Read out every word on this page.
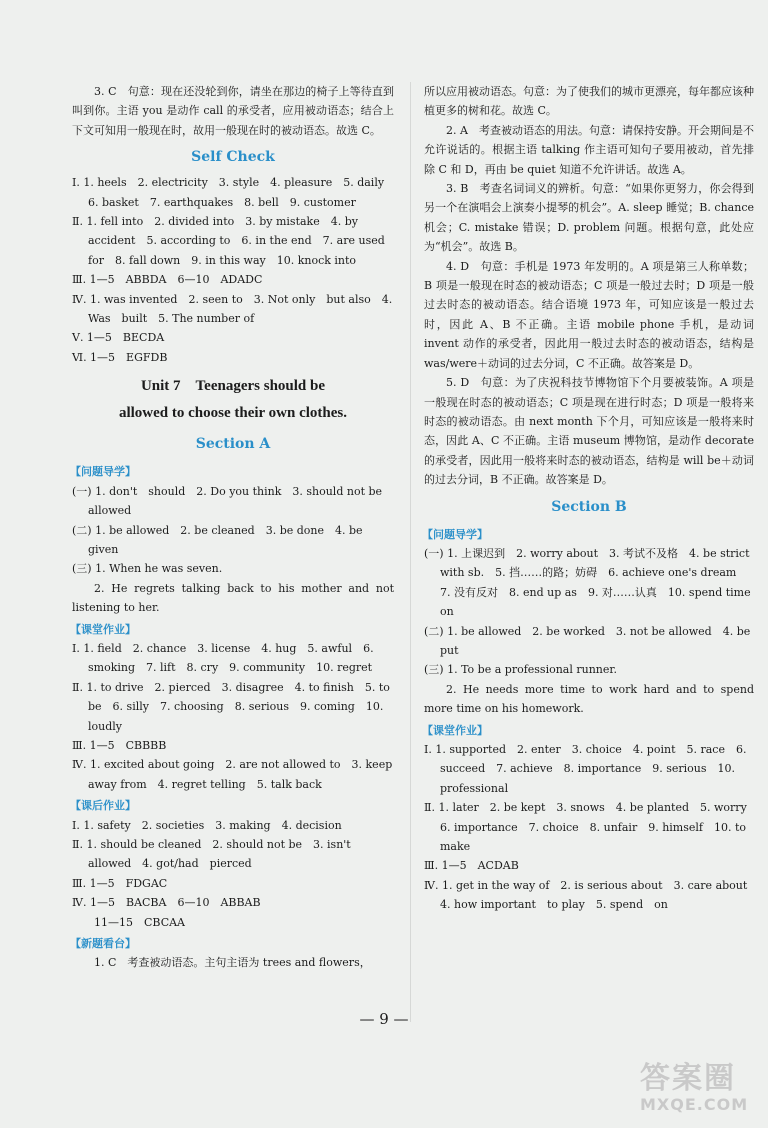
3. C　句意：现在还没轮到你，请坐在那边的椅子上等待直到叫到你。主语 you 是动作 call 的承受者，应用被动语态；结合上下文可知用一般现在时，故用一般现在时的被动语态。故选 C。

Self Check

Ⅰ. 1. heels　2. electricity　3. style　4. pleasure　5. daily　6. basket　7. earthquakes　8. bell　9. customer

Ⅱ. 1. fell into　2. divided into　3. by mistake　4. by accident　5. according to　6. in the end　7. are used for　8. fall down　9. in this way　10. knock into

Ⅲ. 1—5　ABBDA　6—10　ADADC

Ⅳ. 1. was invented　2. seen to　3. Not only　but also　4. Was　built　5. The number of

Ⅴ. 1—5　BECDA

Ⅵ. 1—5　EGFDB

Unit 7　Teenagers should be
allowed to choose their own clothes.
Section A
【问题导学】

(一) 1. don't　should　2. Do you think　3. should not be allowed

(二) 1. be allowed　2. be cleaned　3. be done　4. be given

(三) 1. When he was seven.

2. He regrets talking back to his mother and not listening to her.

【课堂作业】

Ⅰ. 1. field　2. chance　3. license　4. hug　5. awful　6. smoking　7. lift　8. cry　9. community　10. regret

Ⅱ. 1. to drive　2. pierced　3. disagree　4. to finish　5. to be　6. silly　7. choosing　8. serious　9. coming　10. loudly

Ⅲ. 1—5　CBBBB

Ⅳ. 1. excited about going　2. are not allowed to　3. keep away from　4. regret telling　5. talk back

【课后作业】

Ⅰ. 1. safety　2. societies　3. making　4. decision

Ⅱ. 1. should be cleaned　2. should not be　3. isn't allowed　4. got/had　pierced

Ⅲ. 1—5　FDGAC

Ⅳ. 1—5　BACBA　6—10　ABBAB

11—15　CBCAA

【新题看台】

1. C　考查被动语态。主句主语为 trees and flowers，

所以应用被动语态。句意：为了使我们的城市更漂亮，每年都应该种植更多的树和花。故选 C。

2. A　考查被动语态的用法。句意：请保持安静。开会期间是不允许说话的。根据主语 talking 作主语可知句子要用被动，首先排除 C 和 D，再由 be quiet 知道不允许讲话。故选 A。

3. B　考查名词词义的辨析。句意：“如果你更努力，你会得到另一个在演唱会上演奏小提琴的机会”。A. sleep 睡觉；B. chance 机会；C. mistake 错误；D. problem 问题。根据句意，此处应为“机会”。故选 B。

4. D　句意：手机是 1973 年发明的。A 项是第三人称单数；B 项是一般现在时态的被动语态；C 项是一般过去时；D 项是一般过去时态的被动语态。结合语境 1973 年，可知应该是一般过去时，因此 A、B 不正确。主语 mobile phone 手机，是动词 invent 动作的承受者，因此用一般过去时态的被动语态，结构是 was/were＋动词的过去分词，C 不正确。故答案是 D。

5. D　句意：为了庆祝科技节博物馆下个月要被装饰。A 项是一般现在时态的被动语态；C 项是现在进行时态；D 项是一般将来时态的被动语态。由 next month 下个月，可知应该是一般将来时态，因此 A、C 不正确。主语 museum 博物馆，是动作 decorate 的承受者，因此用一般将来时态的被动语态，结构是 will be＋动词的过去分词，B 不正确。故答案是 D。

Section B
【问题导学】

(一) 1. 上课迟到　2. worry about　3. 考试不及格　4. be strict with sb.　5. 挡……的路；妨碍　6. achieve one's dream　7. 没有反对　8. end up as　9. 对……认真　10. spend time on

(二) 1. be allowed　2. be worked　3. not be allowed　4. be put

(三) 1. To be a professional runner.

2. He needs more time to work hard and to spend more time on his homework.

【课堂作业】

Ⅰ. 1. supported　2. enter　3. choice　4. point　5. race　6. succeed　7. achieve　8. importance　9. serious　10. professional

Ⅱ. 1. later　2. be kept　3. snows　4. be planted　5. worry　6. importance　7. choice　8. unfair　9. himself　10. to make

Ⅲ. 1—5　ACDAB

Ⅳ. 1. get in the way of　2. is serious about　3. care about　4. how important　to play　5. spend　on

— 9 —
答案圈
MXQE.COM
